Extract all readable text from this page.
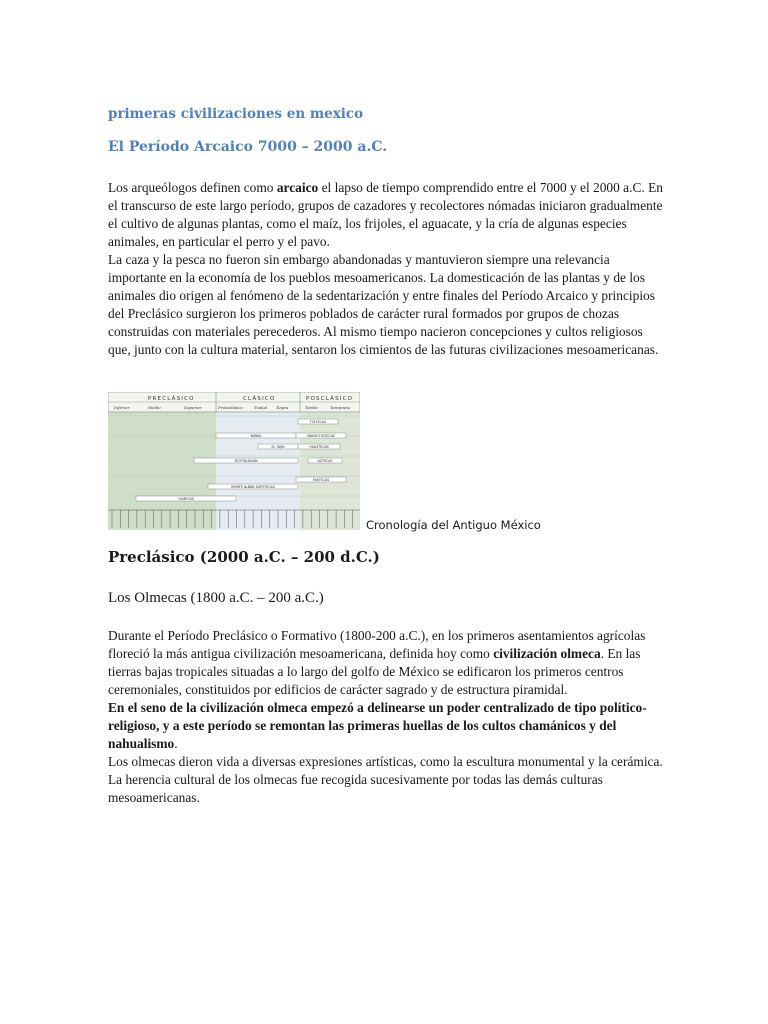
primeras civilizaciones en mexico
El Período Arcaico 7000 – 2000 a.C.

Los arqueólogos definen como arcaico el lapso de tiempo comprendido entre el 7000 y el 2000 a.C. En el transcurso de este largo período, grupos de cazadores y recolectores nómadas iniciaron gradualmente el cultivo de algunas plantas, como el maíz, los frijoles, el aguacate, y la cría de algunas especies animales, en particular el perro y el pavo.

La caza y la pesca no fueron sin embargo abandonadas y mantuvieron siempre una relevancia importante en la economía de los pueblos mesoamericanos. La domesticación de las plantas y de los animales dio origen al fenómeno de la sedentarización y entre finales del Período Arcaico y principios del Preclásico surgieron los primeros poblados de carácter rural formados por grupos de chozas construidas con materiales perecederos. Al mismo tiempo nacieron concepciones y cultos religiosos que, junto con la cultura material, sentaron los cimientos de las futuras civilizaciones mesoamericanas.

PRECLÁSICO	CLÁSICO	POSCLÁSICO
Inferior	Medio	Superior	Protoclásico	Tzakol Tepeu	Tardío	Temprano
TOLTECAS
MAYAS	MAYAS-TOLTECAS
EL TAJÍN	HUASTECAS
TEOTIHUACÁN	AZTECAS
MIXTECAS
MONTE ALBÁN ZAPOTECAS
OLMECAS
Cronología del Antiguo México
Preclásico (2000 a.C. – 200 d.C.)
Los Olmecas (1800 a.C. – 200 a.C.)

Durante el Período Preclásico o Formativo (1800-200 a.C.), en los primeros asentamientos agrícolas floreció la más antigua civilización mesoamericana, definida hoy como civilización olmeca. En las tierras bajas tropicales situadas a lo largo del golfo de México se edificaron los primeros centros ceremoniales, constituidos por edificios de carácter sagrado y de estructura piramidal.

En el seno de la civilización olmeca empezó a delinearse un poder centralizado de tipo político-religioso, y a este período se remontan las primeras huellas de los cultos chamánicos y del nahualismo.

Los olmecas dieron vida a diversas expresiones artísticas, como la escultura monumental y la cerámica.

La herencia cultural de los olmecas fue recogida sucesivamente por todas las demás culturas mesoamericanas.
